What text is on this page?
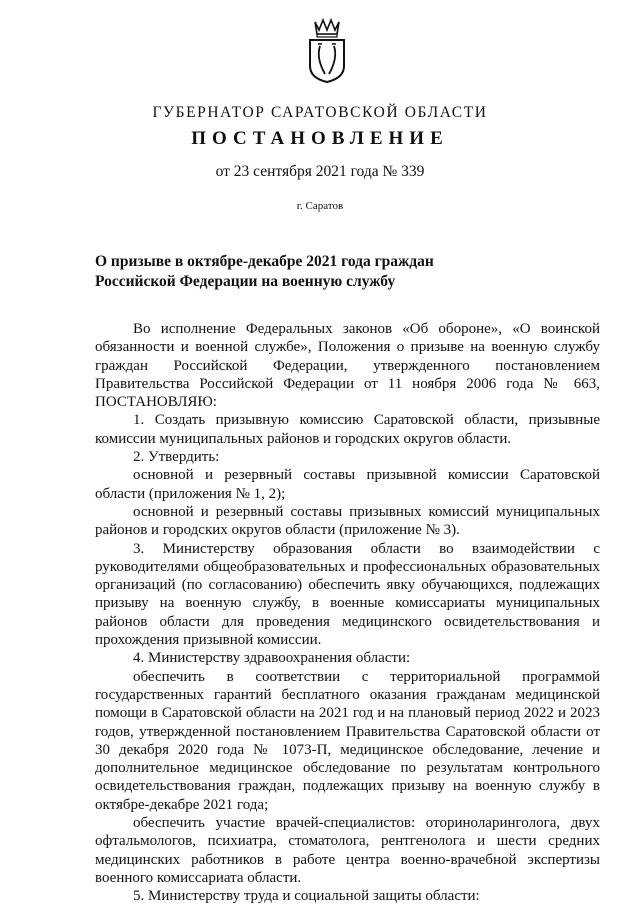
ГУБЕРНАТОР САРАТОВСКОЙ ОБЛАСТИ
ПОСТАНОВЛЕНИЕ
от 23 сентября 2021 года № 339
г. Саратов
О призыве в октябре-декабре 2021 года граждан
Российской Федерации на военную службу

Во исполнение Федеральных законов «Об обороне», «О воинской обязанности и военной службе», Положения о призыве на военную службу граждан Российской Федерации, утвержденного постановлением Правительства Российской Федерации от 11 ноября 2006 года № 663, ПОСТАНОВЛЯЮ:

1. Создать призывную комиссию Саратовской области, призывные комиссии муниципальных районов и городских округов области.

2. Утвердить:

основной и резервный составы призывной комиссии Саратовской области (приложения № 1, 2);

основной и резервный составы призывных комиссий муниципальных районов и городских округов области (приложение № 3).

3. Министерству образования области во взаимодействии с руководителями общеобразовательных и профессиональных образовательных организаций (по согласованию) обеспечить явку обучающихся, подлежащих призыву на военную службу, в военные комиссариаты муниципальных районов области для проведения медицинского освидетельствования и прохождения призывной комиссии.

4. Министерству здравоохранения области:

обеспечить в соответствии с территориальной программой государственных гарантий бесплатного оказания гражданам медицинской помощи в Саратовской области на 2021 год и на плановый период 2022 и 2023 годов, утвержденной постановлением Правительства Саратовской области от 30 декабря 2020 года № 1073-П, медицинское обследование, лечение и дополнительное медицинское обследование по результатам контрольного освидетельствования граждан, подлежащих призыву на военную службу в октябре-декабре 2021 года;

обеспечить участие врачей-специалистов: оториноларинголога, двух офтальмологов, психиатра, стоматолога, рентгенолога и шести средних медицинских работников в работе центра военно-врачебной экспертизы военного комиссариата области.

5. Министерству труда и социальной защиты области:
